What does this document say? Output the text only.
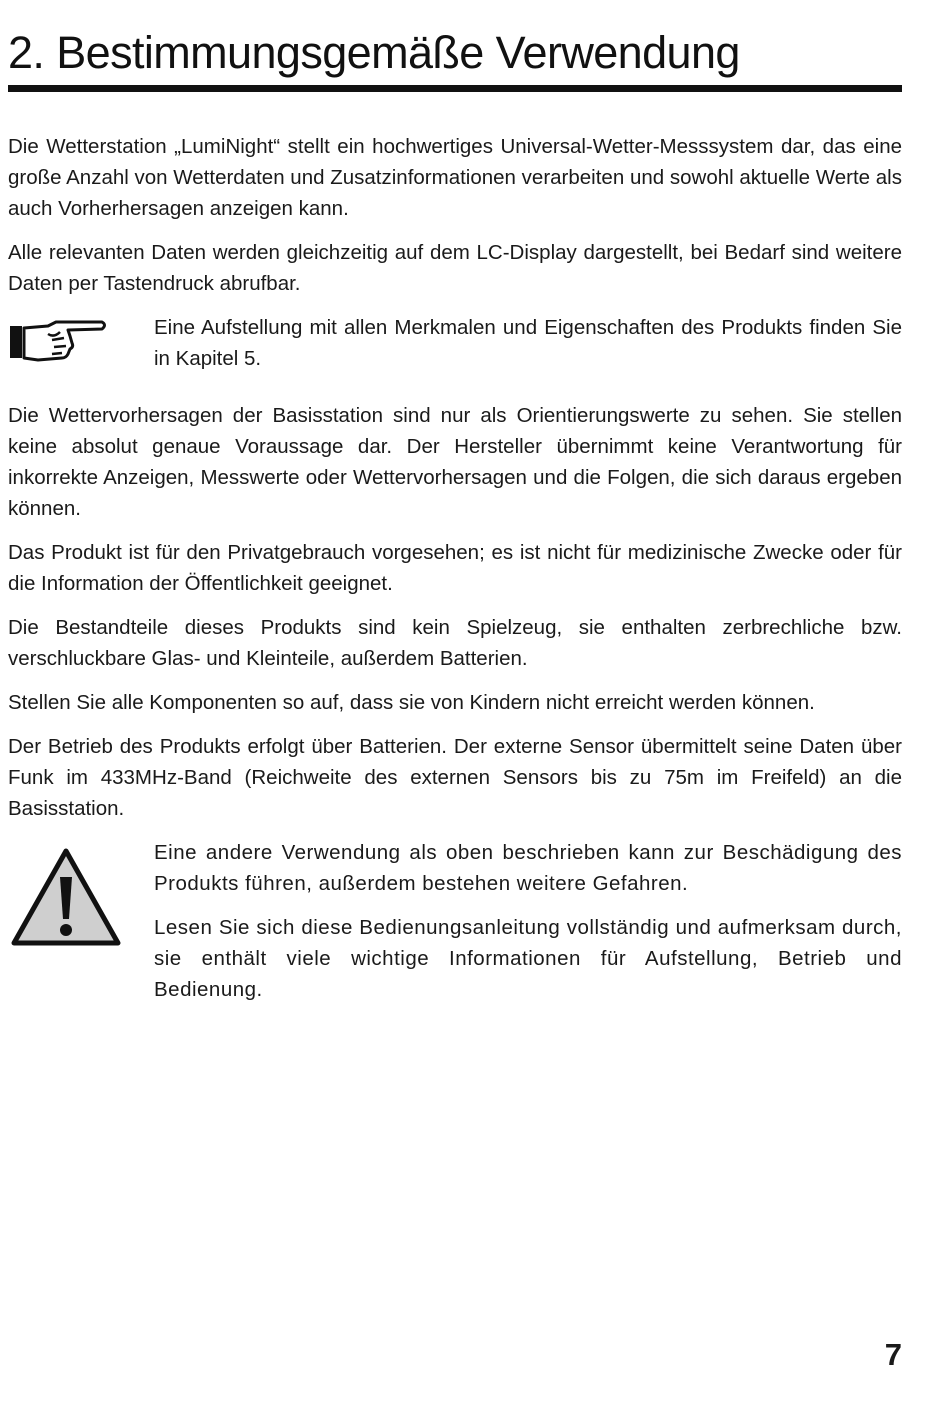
2. Bestimmungsgemäße Verwendung

Die Wetterstation „LumiNight“ stellt ein hochwertiges Universal-Wetter-Messsystem dar, das eine große Anzahl von Wetterdaten und Zusatzinformationen verarbeiten und sowohl aktuelle Werte als auch Vorherhersagen anzeigen kann.

Alle relevanten Daten werden gleichzeitig auf dem LC-Display dargestellt, bei Bedarf sind weitere Daten per Tastendruck abrufbar.

Eine Aufstellung mit allen Merkmalen und Eigenschaften des Produkts finden Sie in Kapitel 5.

Die Wettervorhersagen der Basisstation sind nur als Orientierungswerte zu sehen. Sie stellen keine absolut genaue Voraussage dar. Der Hersteller übernimmt keine Verantwortung für inkorrekte Anzeigen, Messwerte oder Wettervorhersagen und die Folgen, die sich daraus ergeben können.

Das Produkt ist für den Privatgebrauch vorgesehen; es ist nicht für medizinische Zwecke oder für die Information der Öffentlichkeit geeignet.

Die Bestandteile dieses Produkts sind kein Spielzeug, sie enthalten zerbrechliche bzw. verschluckbare Glas- und Kleinteile, außerdem Batterien.

Stellen Sie alle Komponenten so auf, dass sie von Kindern nicht erreicht werden können.

Der Betrieb des Produkts erfolgt über Batterien. Der externe Sensor übermittelt seine Daten über Funk im 433MHz-Band (Reichweite des externen Sensors bis zu 75m im Freifeld) an die Basisstation.

Eine andere Verwendung als oben beschrieben kann zur Beschädigung des Produkts führen, außerdem bestehen weitere Gefahren.

Lesen Sie sich diese Bedienungsanleitung vollständig und aufmerksam durch, sie enthält viele wichtige Informationen für Aufstellung, Betrieb und Bedienung.

7
